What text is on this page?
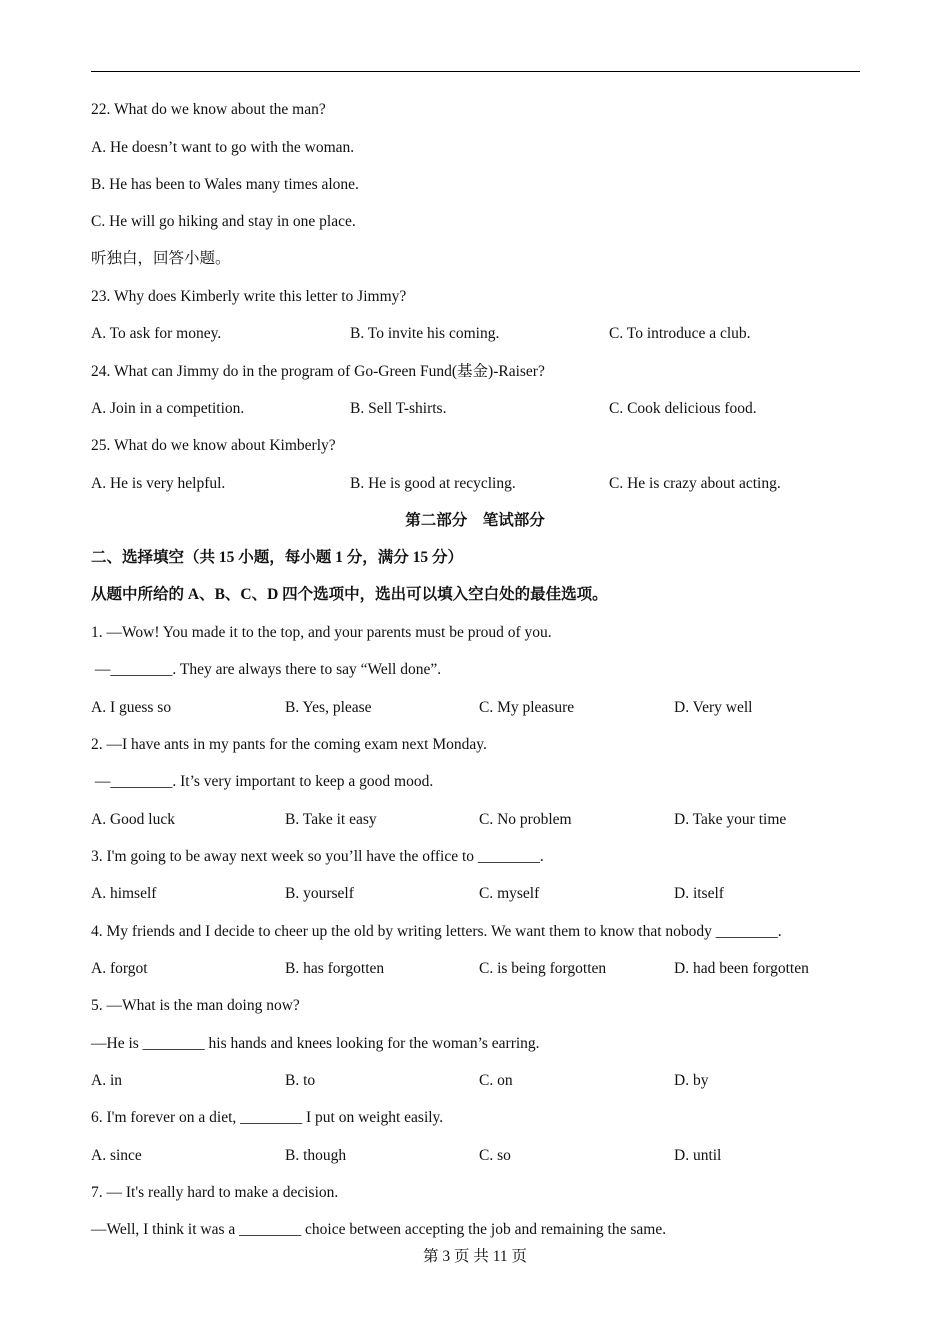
22. What do we know about the man?
A. He doesn’t want to go with the woman.
B. He has been to Wales many times alone.
C. He will go hiking and stay in one place.
听独白，回答小题。
23. Why does Kimberly write this letter to Jimmy?
A. To ask for money.	B. To invite his coming.	C. To introduce a club.
24. What can Jimmy do in the program of Go-Green Fund(基金)-Raiser?
A. Join in a competition.	B. Sell T-shirts.	C. Cook delicious food.
25. What do we know about Kimberly?
A. He is very helpful.	B. He is good at recycling.	C. He is crazy about acting.
第二部分　笔试部分
二、选择填空（共 15 小题，每小题 1 分，满分 15 分）
从题中所给的 A、B、C、D 四个选项中，选出可以填入空白处的最佳选项。
1. —Wow! You made it to the top, and your parents must be proud of you.
—________. They are always there to say “Well done”.
A. I guess so	B. Yes, please	C. My pleasure	D. Very well
2. —I have ants in my pants for the coming exam next Monday.
—________. It’s very important to keep a good mood.
A. Good luck	B. Take it easy	C. No problem	D. Take your time
3. I'm going to be away next week so you’ll have the office to ________.
A. himself	B. yourself	C. myself	D. itself
4. My friends and I decide to cheer up the old by writing letters. We want them to know that nobody ________.
A. forgot	B. has forgotten	C. is being forgotten	D. had been forgotten
5. —What is the man doing now?
—He is ________ his hands and knees looking for the woman’s earring.
A. in	B. to	C. on	D. by
6. I'm forever on a diet, ________ I put on weight easily.
A. since	B. though	C. so	D. until
7. — It's really hard to make a decision.
—Well, I think it was a ________ choice between accepting the job and remaining the same.
第 3 页 共 11 页
